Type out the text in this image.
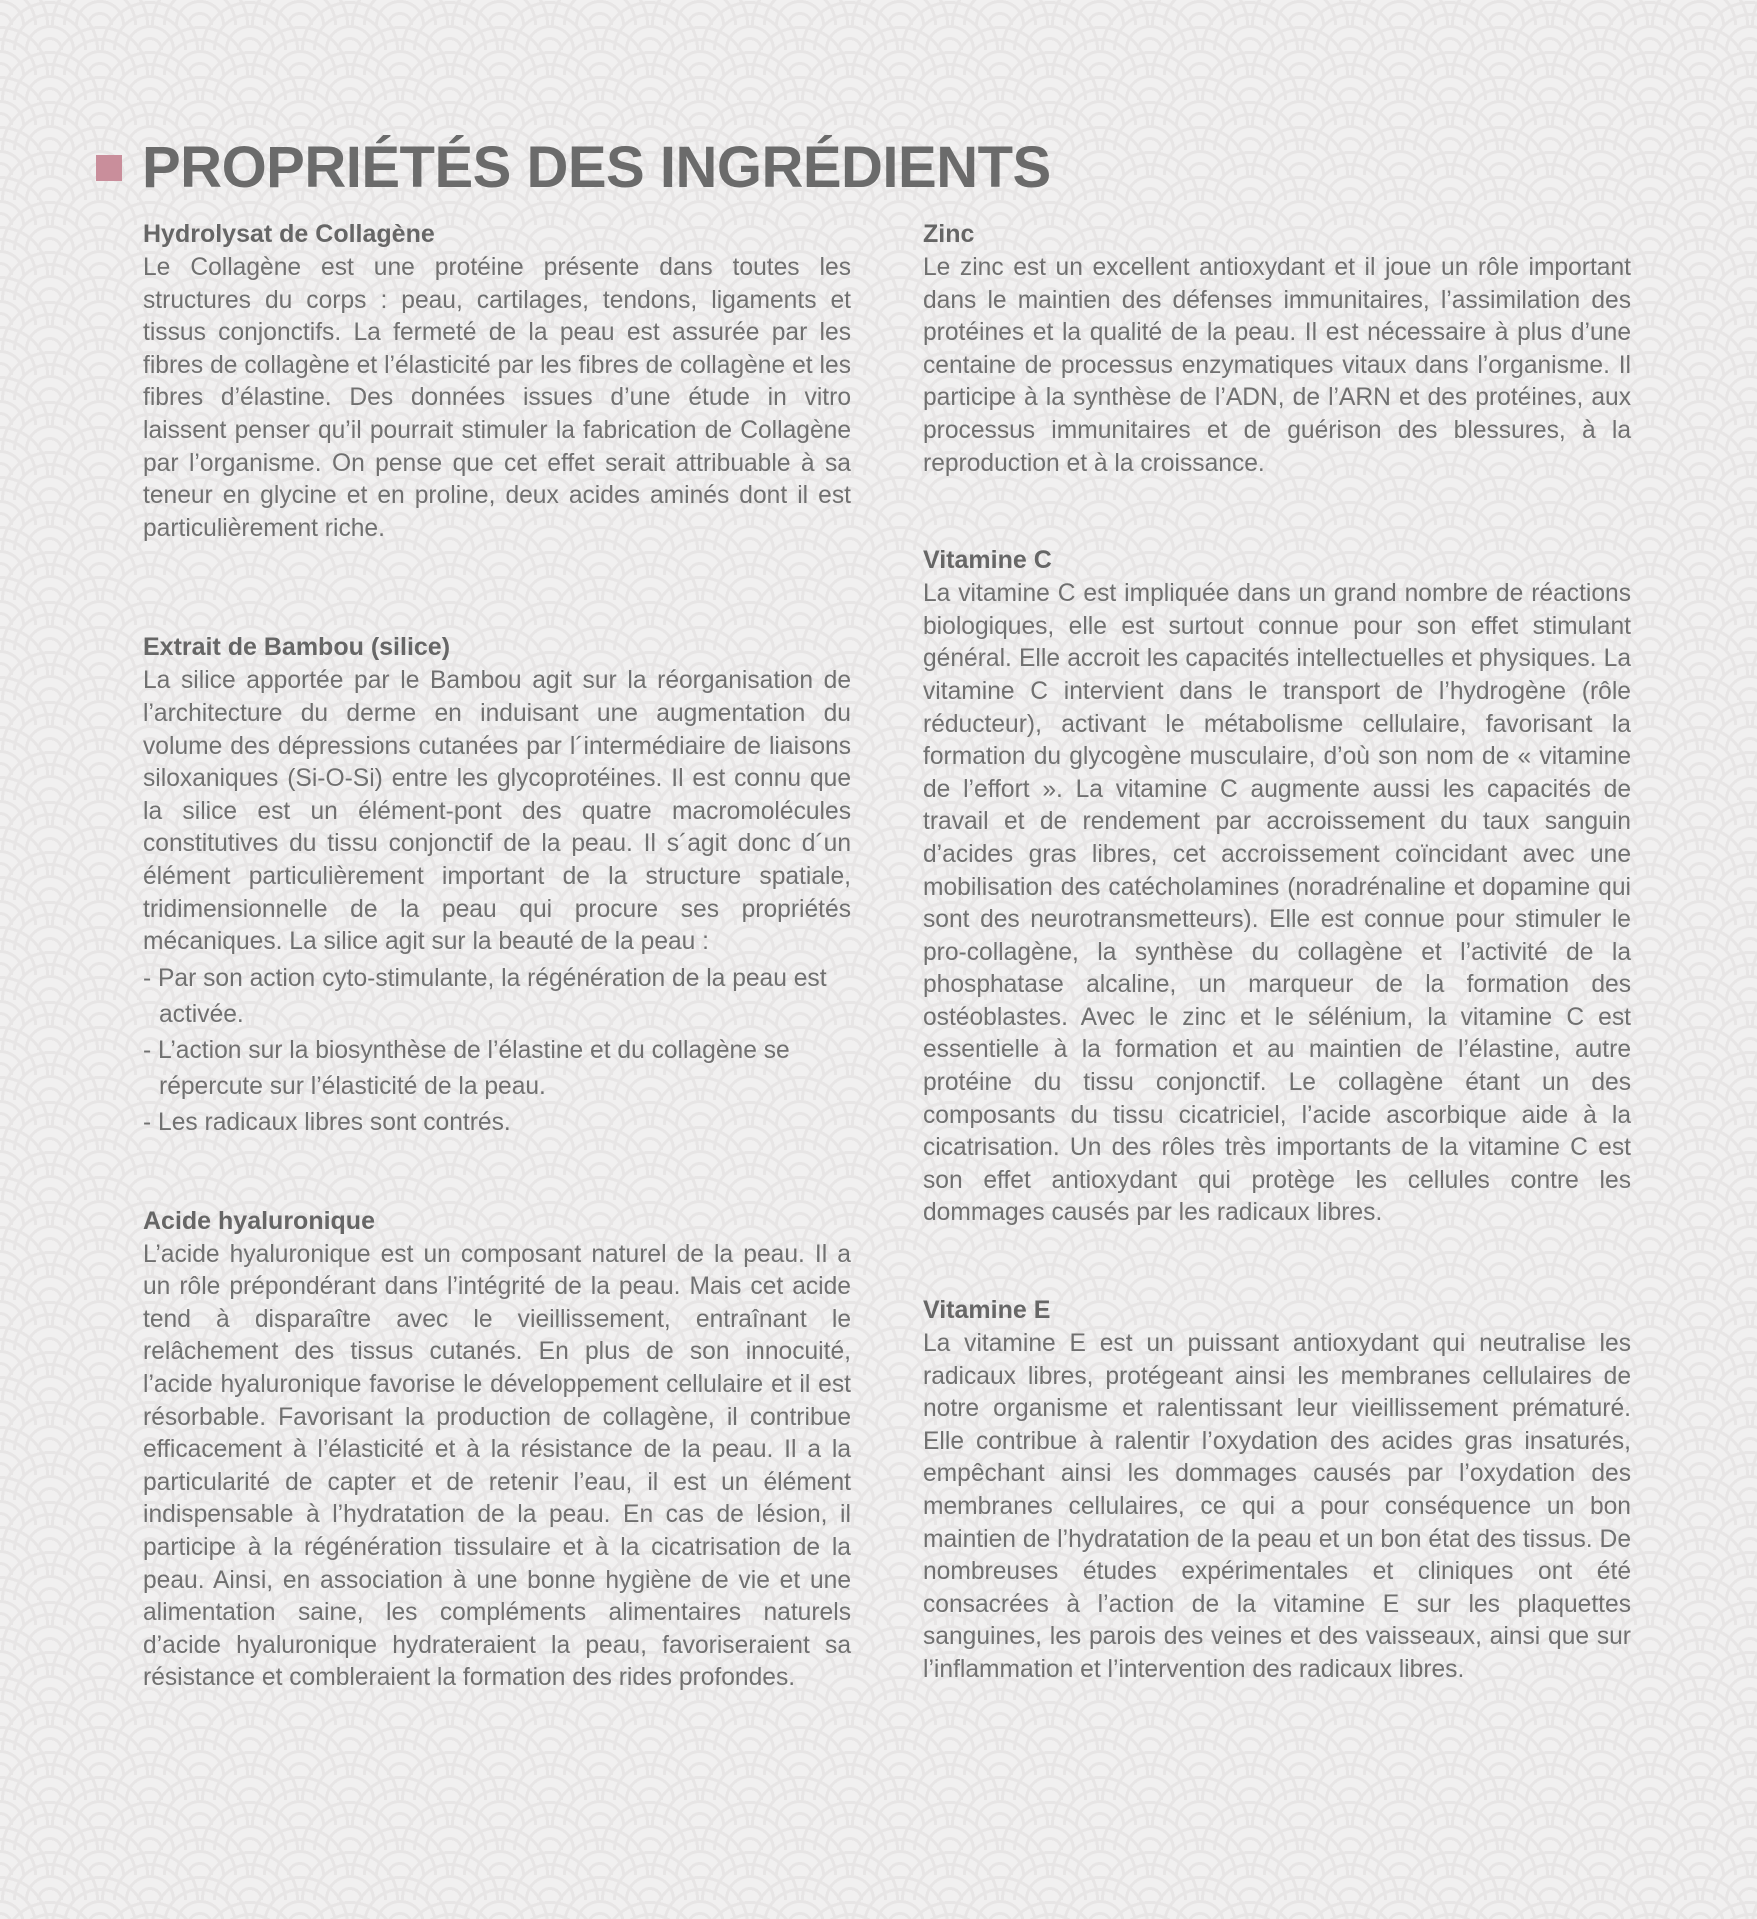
PROPRIÉTÉS DES INGRÉDIENTS
Hydrolysat de Collagène

Le Collagène est une protéine présente dans toutes les structures du corps : peau, cartilages, tendons, ligaments et tissus conjonctifs. La fermeté de la peau est assurée par les fibres de collagène et l’élasticité par les fibres de collagène et les fibres d’élastine. Des données issues d’une étude in vitro laissent penser qu’il pourrait stimuler la fabrication de Collagène par l’organisme. On pense que cet effet serait attribuable à sa teneur en glycine et en proline, deux acides aminés dont il est particulièrement riche.

Extrait de Bambou (silice)

La silice apportée par le Bambou agit sur la réorganisation de l’architecture du derme en induisant une augmentation du volume des dépressions cutanées par l´intermédiaire de liaisons siloxaniques (Si-O-Si) entre les glycoprotéines. Il est connu que la silice est un élément-pont des quatre macromolécules constitutives du tissu conjonctif de la peau. Il s´agit donc d´un élément particulièrement important de la structure spatiale, tridimensionnelle de la peau qui procure ses propriétés mécaniques. La silice agit sur la beauté de la peau :

- Par son action cyto-stimulante, la régénération de la peau est activée.
- L’action sur la biosynthèse de l’élastine et du collagène se répercute sur l’élasticité de la peau.
- Les radicaux libres sont contrés.
Acide hyaluronique

L’acide hyaluronique est un composant naturel de la peau. Il a un rôle prépondérant dans l’intégrité de la peau. Mais cet acide tend à disparaître avec le vieillissement, entraînant le relâchement des tissus cutanés. En plus de son innocuité, l’acide hyaluronique favorise le développement cellulaire et il est résorbable. Favorisant la production de collagène, il contribue efficacement à l’élasticité et à la résistance de la peau. Il a la particularité de capter et de retenir l’eau, il est un élément indispensable à l’hydratation de la peau. En cas de lésion, il participe à la régénération tissulaire et à la cicatrisation de la peau. Ainsi, en association à une bonne hygiène de vie et une alimentation saine, les compléments alimentaires naturels d’acide hyaluronique hydrateraient la peau, favoriseraient sa résistance et combleraient la formation des rides profondes.

Zinc

Le zinc est un excellent antioxydant et il joue un rôle important dans le maintien des défenses immunitaires, l’assimilation des protéines et la qualité de la peau. Il est nécessaire à plus d’une centaine de processus enzymatiques vitaux dans l’organisme. Il participe à la synthèse de l’ADN, de l’ARN et des protéines, aux processus immunitaires et de guérison des blessures, à la reproduction et à la croissance.

Vitamine C

La vitamine C est impliquée dans un grand nombre de réactions biologiques, elle est surtout connue pour son effet stimulant général. Elle accroit les capacités intellectuelles et physiques. La vitamine C intervient dans le transport de l’hydrogène (rôle réducteur), activant le métabolisme cellulaire, favorisant la formation du glycogène musculaire, d’où son nom de « vitamine de l’effort ». La vitamine C augmente aussi les capacités de travail et de rendement par accroissement du taux sanguin d’acides gras libres, cet accroissement coïncidant avec une mobilisation des catécholamines (noradrénaline et dopamine qui sont des neurotransmetteurs). Elle est connue pour stimuler le pro-collagène, la synthèse du collagène et l’activité de la phosphatase alcaline, un marqueur de la formation des ostéoblastes. Avec le zinc et le sélénium, la vitamine C est essentielle à la formation et au maintien de l’élastine, autre protéine du tissu conjonctif. Le collagène étant un des composants du tissu cicatriciel, l’acide ascorbique aide à la cicatrisation. Un des rôles très importants de la vitamine C est son effet antioxydant qui protège les cellules contre les dommages causés par les radicaux libres.

Vitamine E

La vitamine E est un puissant antioxydant qui neutralise les radicaux libres, protégeant ainsi les membranes cellulaires de notre organisme et ralentissant leur vieillissement prématuré. Elle contribue à ralentir l’oxydation des acides gras insaturés, empêchant ainsi les dommages causés par l’oxydation des membranes cellulaires, ce qui a pour conséquence un bon maintien de l’hydratation de la peau et un bon état des tissus. De nombreuses études expérimentales et cliniques ont été consacrées à l’action de la vitamine E sur les plaquettes sanguines, les parois des veines et des vaisseaux, ainsi que sur l’inflammation et l’intervention des radicaux libres.
